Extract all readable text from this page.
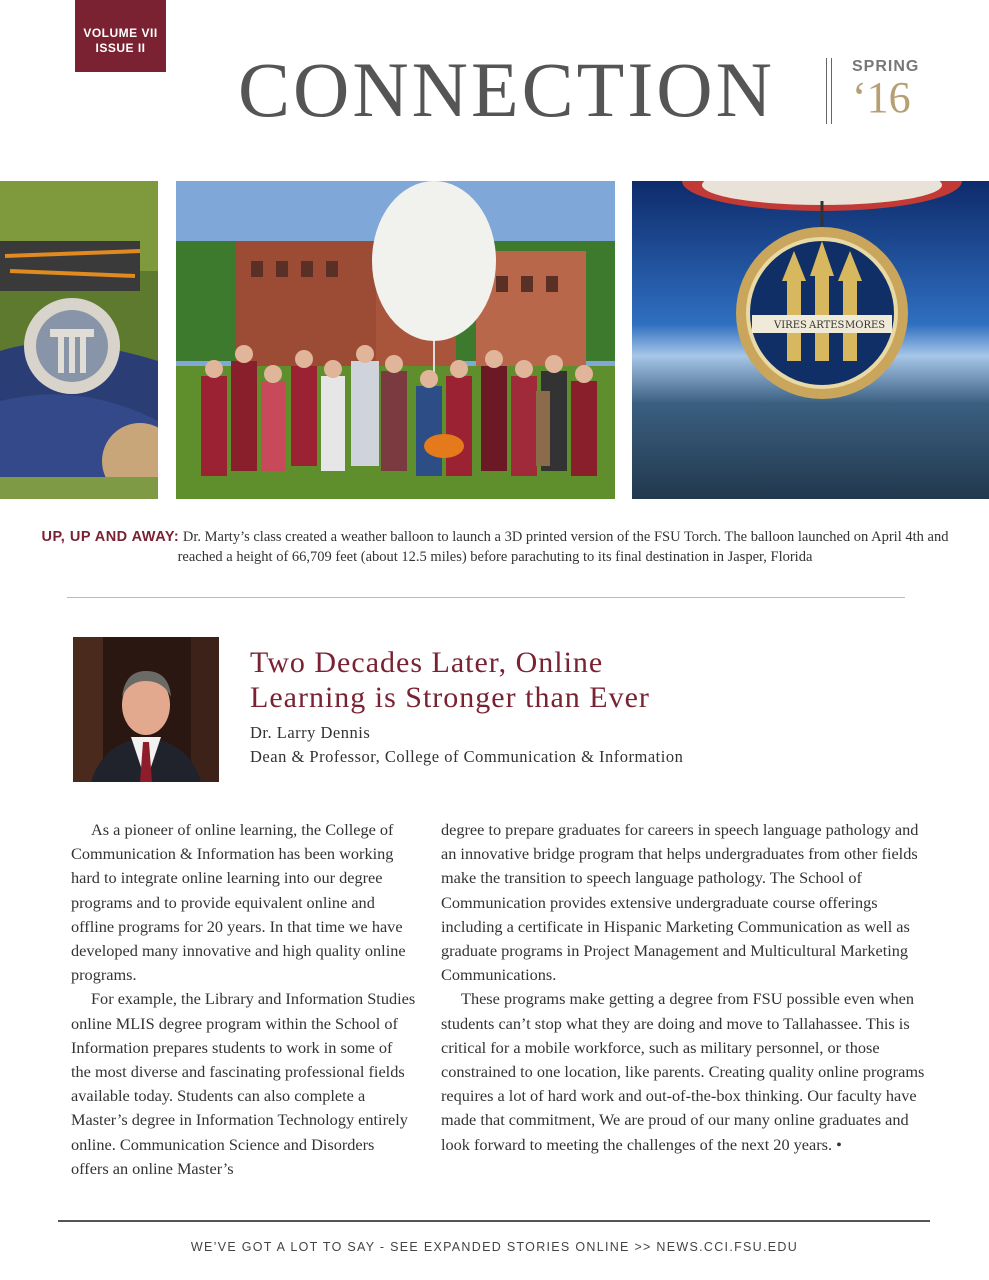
VOLUME VII
ISSUE II CONNECTION	SPRING
‘16
VIRES ARTES MORES
UP, UP AND AWAY: Dr. Marty’s class created a weather balloon to launch a 3D printed version of the FSU Torch. The balloon launched on April 4th and reached a height of 66,709 feet (about 12.5 miles) before parachuting to its final destination in Jasper, Florida
Two Decades Later, Online
Learning is Stronger than Ever
Dr. Larry Dennis
Dean & Professor, College of Communication & Information

As a pioneer of online learning, the College of Communication & Information has been working hard to integrate online learning into our degree programs and to provide equivalent online and offline programs for 20 years. In that time we have developed many innovative and high quality online programs.

For example, the Library and Information Studies online MLIS degree program within the School of Information prepares students to work in some of the most diverse and fascinating professional fields available today. Students can also complete a Master’s degree in Information Technology entirely online. Communication Science and Disorders offers an online Master’s

degree to prepare graduates for careers in speech language pathology and an innovative bridge program that helps undergraduates from other fields make the transition to speech language pathology. The School of Communication provides extensive undergraduate course offerings including a certificate in Hispanic Marketing Communication as well as graduate programs in Project Management and Multicultural Marketing Communications.

These programs make getting a degree from FSU possible even when students can’t stop what they are doing and move to Tallahassee. This is critical for a mobile workforce, such as military personnel, or those constrained to one location, like parents. Creating quality online programs requires a lot of hard work and out-of-the-box thinking. Our faculty have made that commitment, We are proud of our many online graduates and look forward to meeting the challenges of the next 20 years. •

WE’VE GOT A LOT TO SAY - SEE EXPANDED STORIES ONLINE >> NEWS.CCI.FSU.EDU
